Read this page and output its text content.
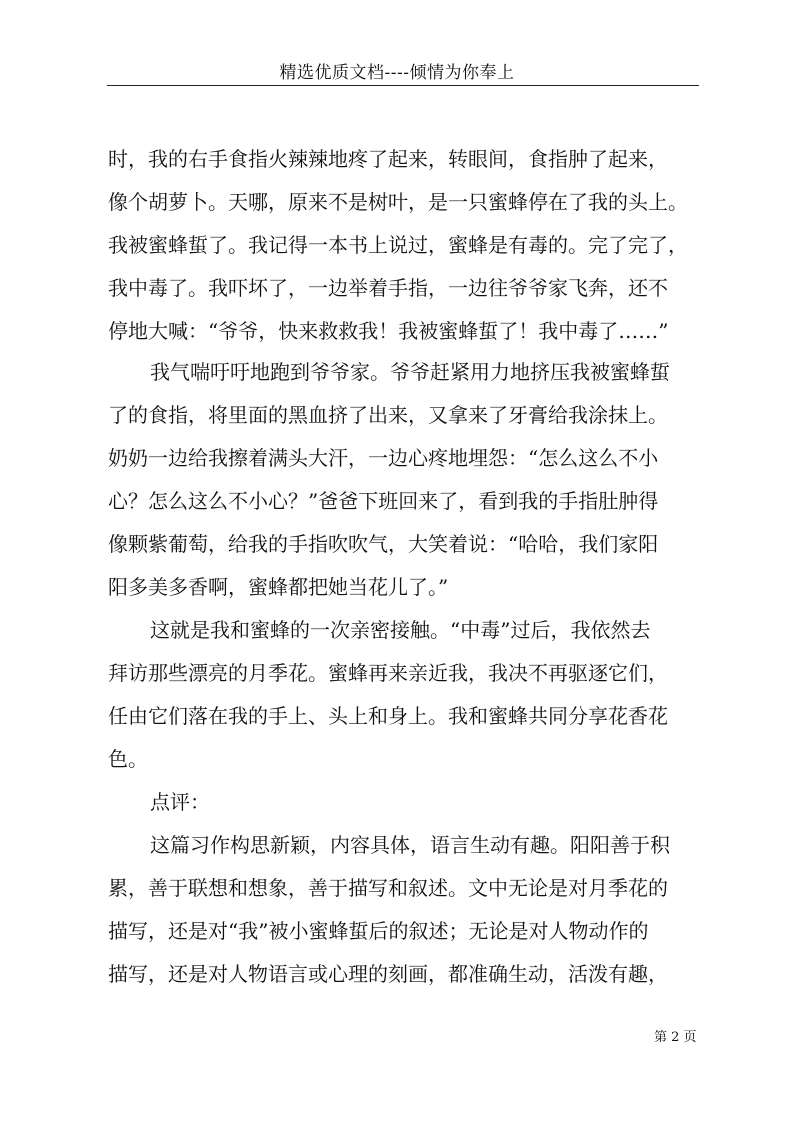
精选优质文档----倾情为你奉上
时，我的右手食指火辣辣地疼了起来，转眼间，食指肿了起来，
像个胡萝卜。天哪，原来不是树叶，是一只蜜蜂停在了我的头上。
我被蜜蜂蜇了。我记得一本书上说过，蜜蜂是有毒的。完了完了，
我中毒了。我吓坏了，一边举着手指，一边往爷爷家飞奔，还不
停地大喊：“爷爷，快来救救我！我被蜜蜂蜇了！我中毒了……”
我气喘吁吁地跑到爷爷家。爷爷赶紧用力地挤压我被蜜蜂蜇
了的食指，将里面的黑血挤了出来，又拿来了牙膏给我涂抹上。
奶奶一边给我擦着满头大汗，一边心疼地埋怨：“怎么这么不小
心？怎么这么不小心？”爸爸下班回来了，看到我的手指肚肿得
像颗紫葡萄，给我的手指吹吹气，大笑着说：“哈哈，我们家阳
阳多美多香啊，蜜蜂都把她当花儿了。”
这就是我和蜜蜂的一次亲密接触。“中毒”过后，我依然去
拜访那些漂亮的月季花。蜜蜂再来亲近我，我决不再驱逐它们，
任由它们落在我的手上、头上和身上。我和蜜蜂共同分享花香花
色。
点评：
这篇习作构思新颖，内容具体，语言生动有趣。阳阳善于积
累，善于联想和想象，善于描写和叙述。文中无论是对月季花的
描写，还是对“我”被小蜜蜂蜇后的叙述；无论是对人物动作的
描写，还是对人物语言或心理的刻画，都准确生动，活泼有趣，
第 2 页
